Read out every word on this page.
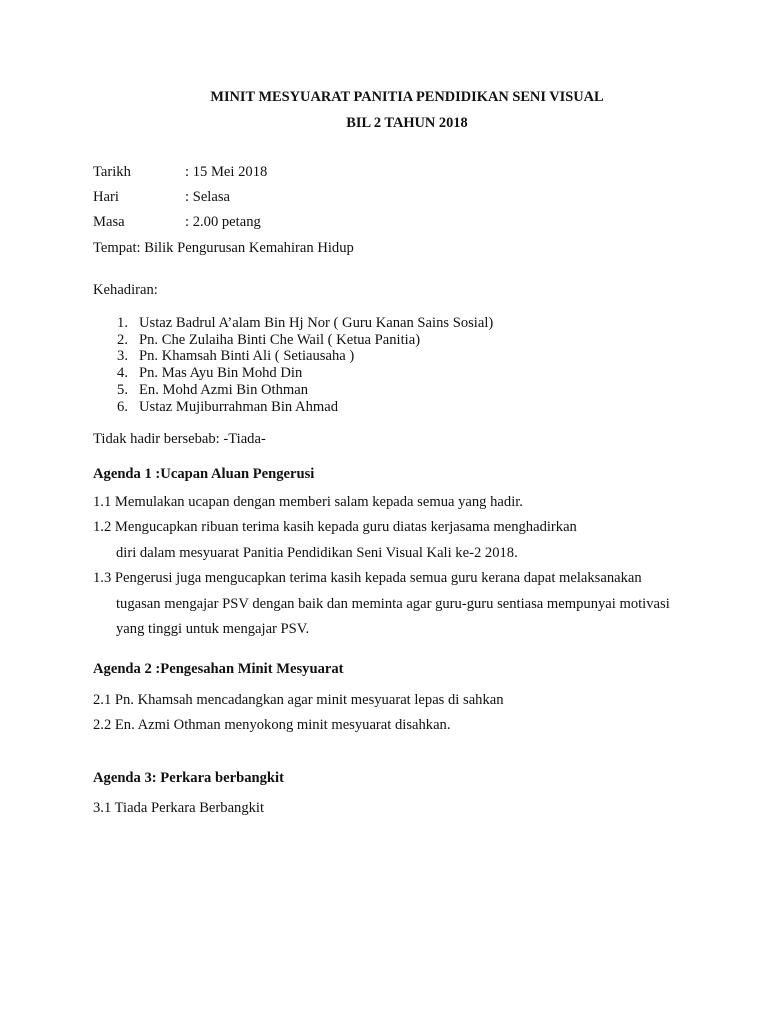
MINIT MESYUARAT PANITIA PENDIDIKAN SENI VISUAL
BIL 2 TAHUN 2018
Tarikh	: 15 Mei 2018
Hari	: Selasa
Masa	: 2.00 petang
Tempat: Bilik Pengurusan Kemahiran Hidup
Kehadiran:
1. Ustaz Badrul A’alam Bin Hj Nor ( Guru Kanan Sains Sosial)
2. Pn. Che Zulaiha Binti Che Wail ( Ketua Panitia)
3. Pn. Khamsah Binti Ali ( Setiausaha )
4. Pn. Mas Ayu Bin Mohd Din
5. En. Mohd Azmi Bin Othman
6. Ustaz Mujiburrahman Bin Ahmad
Tidak hadir bersebab: -Tiada-
Agenda 1 :Ucapan Aluan Pengerusi
1.1 Memulakan ucapan dengan memberi salam kepada semua yang hadir.
1.2 Mengucapkan ribuan terima kasih kepada guru diatas kerjasama menghadirkan
diri dalam mesyuarat Panitia Pendidikan Seni Visual Kali ke-2 2018.
1.3 Pengerusi juga mengucapkan terima kasih kepada semua guru kerana dapat melaksanakan
tugasan mengajar PSV dengan baik dan meminta agar guru-guru sentiasa mempunyai motivasi
yang tinggi untuk mengajar PSV.
Agenda 2 :Pengesahan Minit Mesyuarat
2.1 Pn. Khamsah mencadangkan agar minit mesyuarat lepas di sahkan
2.2 En. Azmi Othman menyokong minit mesyuarat disahkan.
Agenda 3: Perkara berbangkit
3.1 Tiada Perkara Berbangkit
